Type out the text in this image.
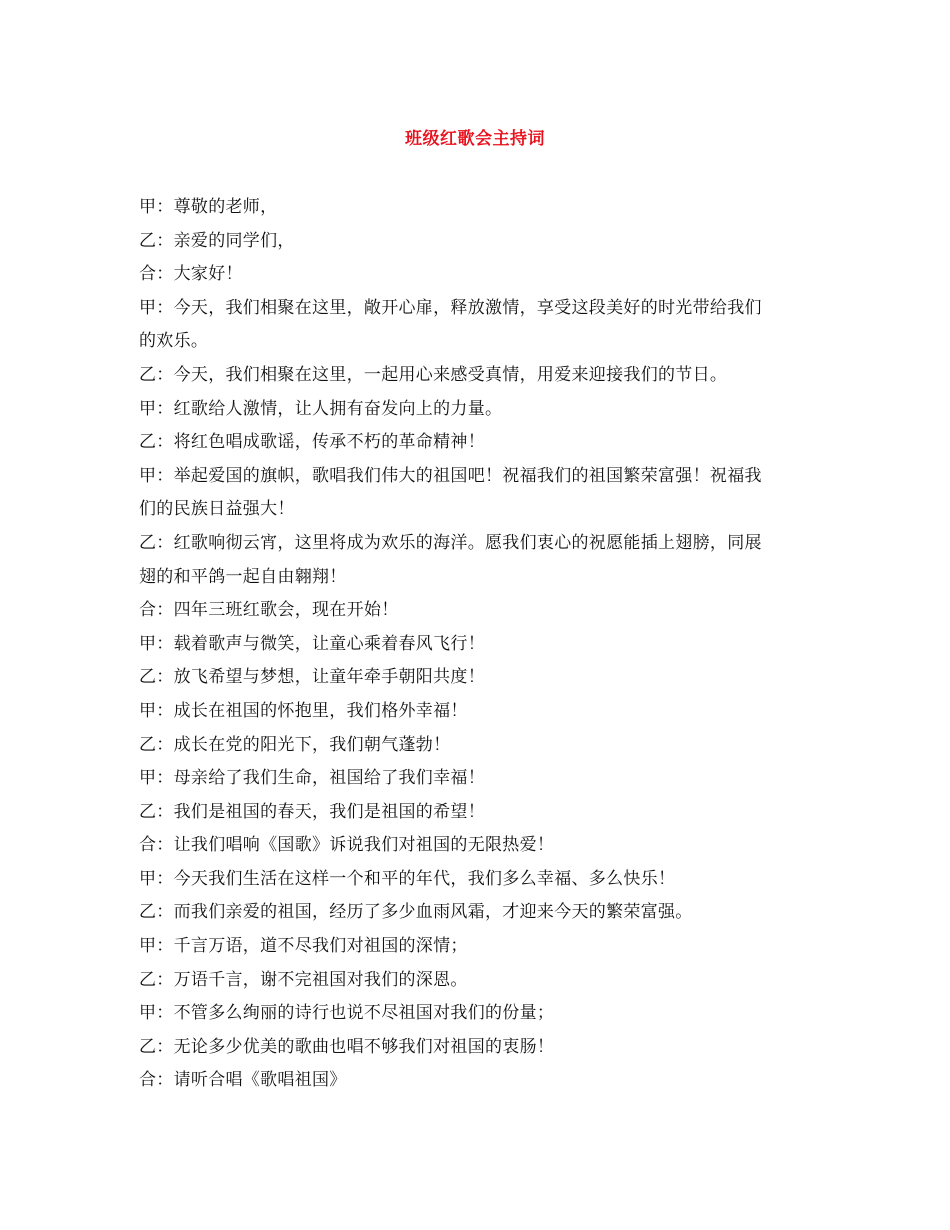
班级红歌会主持词
甲：尊敬的老师，
乙：亲爱的同学们，
合：大家好！
甲：今天，我们相聚在这里，敞开心扉，释放激情，享受这段美好的时光带给我们
的欢乐。
乙：今天，我们相聚在这里，一起用心来感受真情，用爱来迎接我们的节日。
甲：红歌给人激情，让人拥有奋发向上的力量。
乙：将红色唱成歌谣，传承不朽的革命精神！
甲：举起爱国的旗帜，歌唱我们伟大的祖国吧！祝福我们的祖国繁荣富强！祝福我
们的民族日益强大！
乙：红歌响彻云宵，这里将成为欢乐的海洋。愿我们衷心的祝愿能插上翅膀，同展
翅的和平鸽一起自由翱翔！
合：四年三班红歌会，现在开始！
甲：载着歌声与微笑，让童心乘着春风飞行！
乙：放飞希望与梦想，让童年牵手朝阳共度！
甲：成长在祖国的怀抱里，我们格外幸福！
乙：成长在党的阳光下，我们朝气蓬勃！
甲：母亲给了我们生命，祖国给了我们幸福！
乙：我们是祖国的春天，我们是祖国的希望！
合：让我们唱响《国歌》诉说我们对祖国的无限热爱！
甲：今天我们生活在这样一个和平的年代，我们多么幸福、多么快乐！
乙：而我们亲爱的祖国，经历了多少血雨风霜，才迎来今天的繁荣富强。
甲：千言万语，道不尽我们对祖国的深情；
乙：万语千言，谢不完祖国对我们的深恩。
甲：不管多么绚丽的诗行也说不尽祖国对我们的份量；
乙：无论多少优美的歌曲也唱不够我们对祖国的衷肠！
合：请听合唱《歌唱祖国》
